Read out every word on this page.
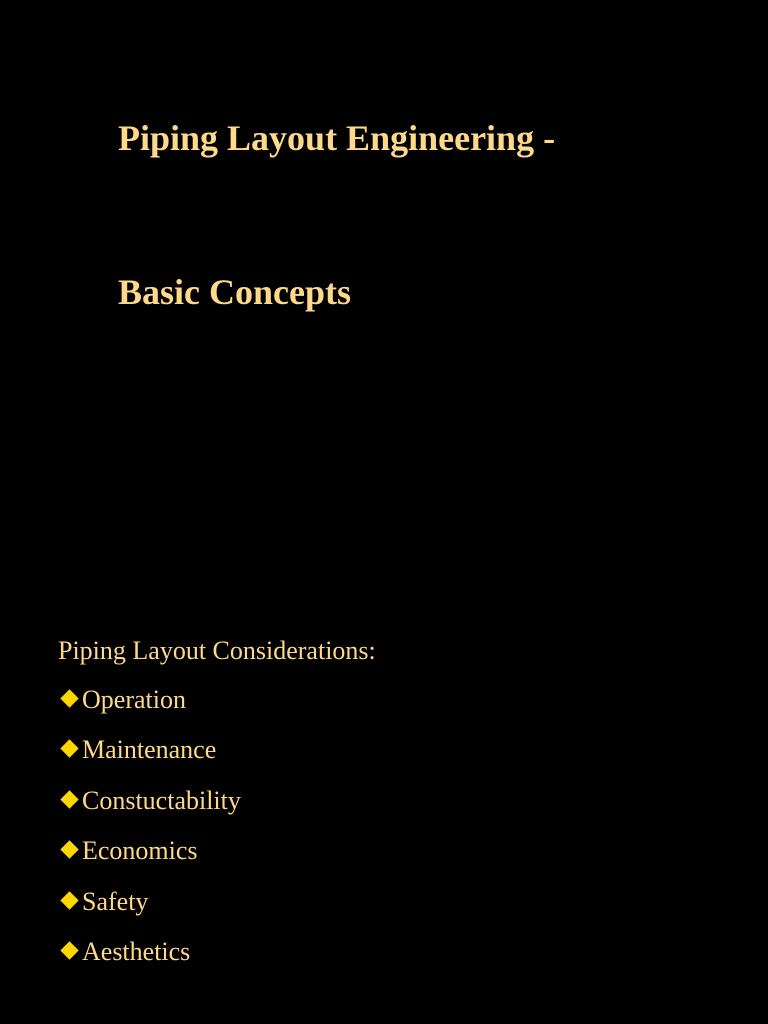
Piping Layout Engineering -
Basic Concepts
Piping Layout Considerations:
Operation
Maintenance
Constuctability
Economics
Safety
Aesthetics
